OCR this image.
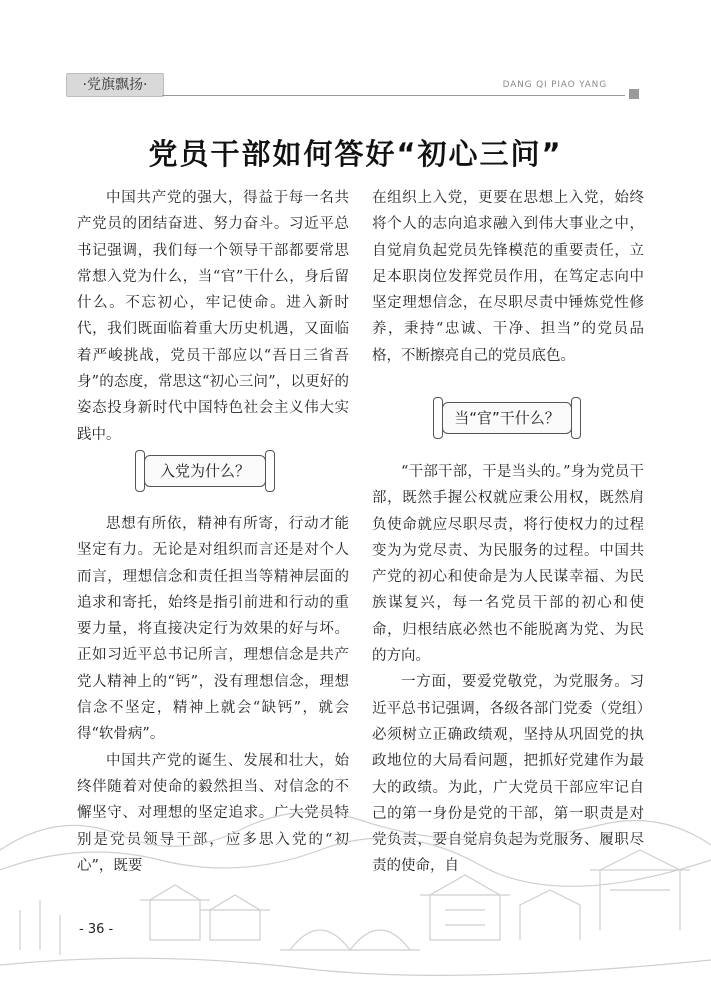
·党旗飘扬·	DANG QI PIAO YANG
党员干部如何答好“初心三问”

中国共产党的强大，得益于每一名共产党员的团结奋进、努力奋斗。习近平总书记强调，我们每一个领导干部都要常思常想入党为什么，当“官”干什么，身后留什么。不忘初心，牢记使命。进入新时代，我们既面临着重大历史机遇，又面临着严峻挑战，党员干部应以“吾日三省吾身”的态度，常思这“初心三问”，以更好的姿态投身新时代中国特色社会主义伟大实践中。

入党为什么？

思想有所依，精神有所寄，行动才能坚定有力。无论是对组织而言还是对个人而言，理想信念和责任担当等精神层面的追求和寄托，始终是指引前进和行动的重要力量，将直接决定行为效果的好与坏。正如习近平总书记所言，理想信念是共产党人精神上的“钙”，没有理想信念，理想信念不坚定，精神上就会“缺钙”，就会得“软骨病”。

中国共产党的诞生、发展和壮大，始终伴随着对使命的毅然担当、对信念的不懈坚守、对理想的坚定追求。广大党员特别是党员领导干部，应多思入党的“初心”，既要

在组织上入党，更要在思想上入党，始终将个人的志向追求融入到伟大事业之中，自觉肩负起党员先锋模范的重要责任，立足本职岗位发挥党员作用，在笃定志向中坚定理想信念，在尽职尽责中锤炼党性修养，秉持“忠诚、干净、担当”的党员品格，不断擦亮自己的党员底色。

当“官”干什么？

“干部干部，干是当头的。”身为党员干部，既然手握公权就应秉公用权，既然肩负使命就应尽职尽责，将行使权力的过程变为为党尽责、为民服务的过程。中国共产党的初心和使命是为人民谋幸福、为民族谋复兴，每一名党员干部的初心和使命，归根结底必然也不能脱离为党、为民的方向。

一方面，要爱党敬党，为党服务。习近平总书记强调，各级各部门党委（党组）必须树立正确政绩观，坚持从巩固党的执政地位的大局看问题，把抓好党建作为最大的政绩。为此，广大党员干部应牢记自己的第一身份是党的干部，第一职责是对党负责，要自觉肩负起为党服务、履职尽责的使命，自

- 36 -
